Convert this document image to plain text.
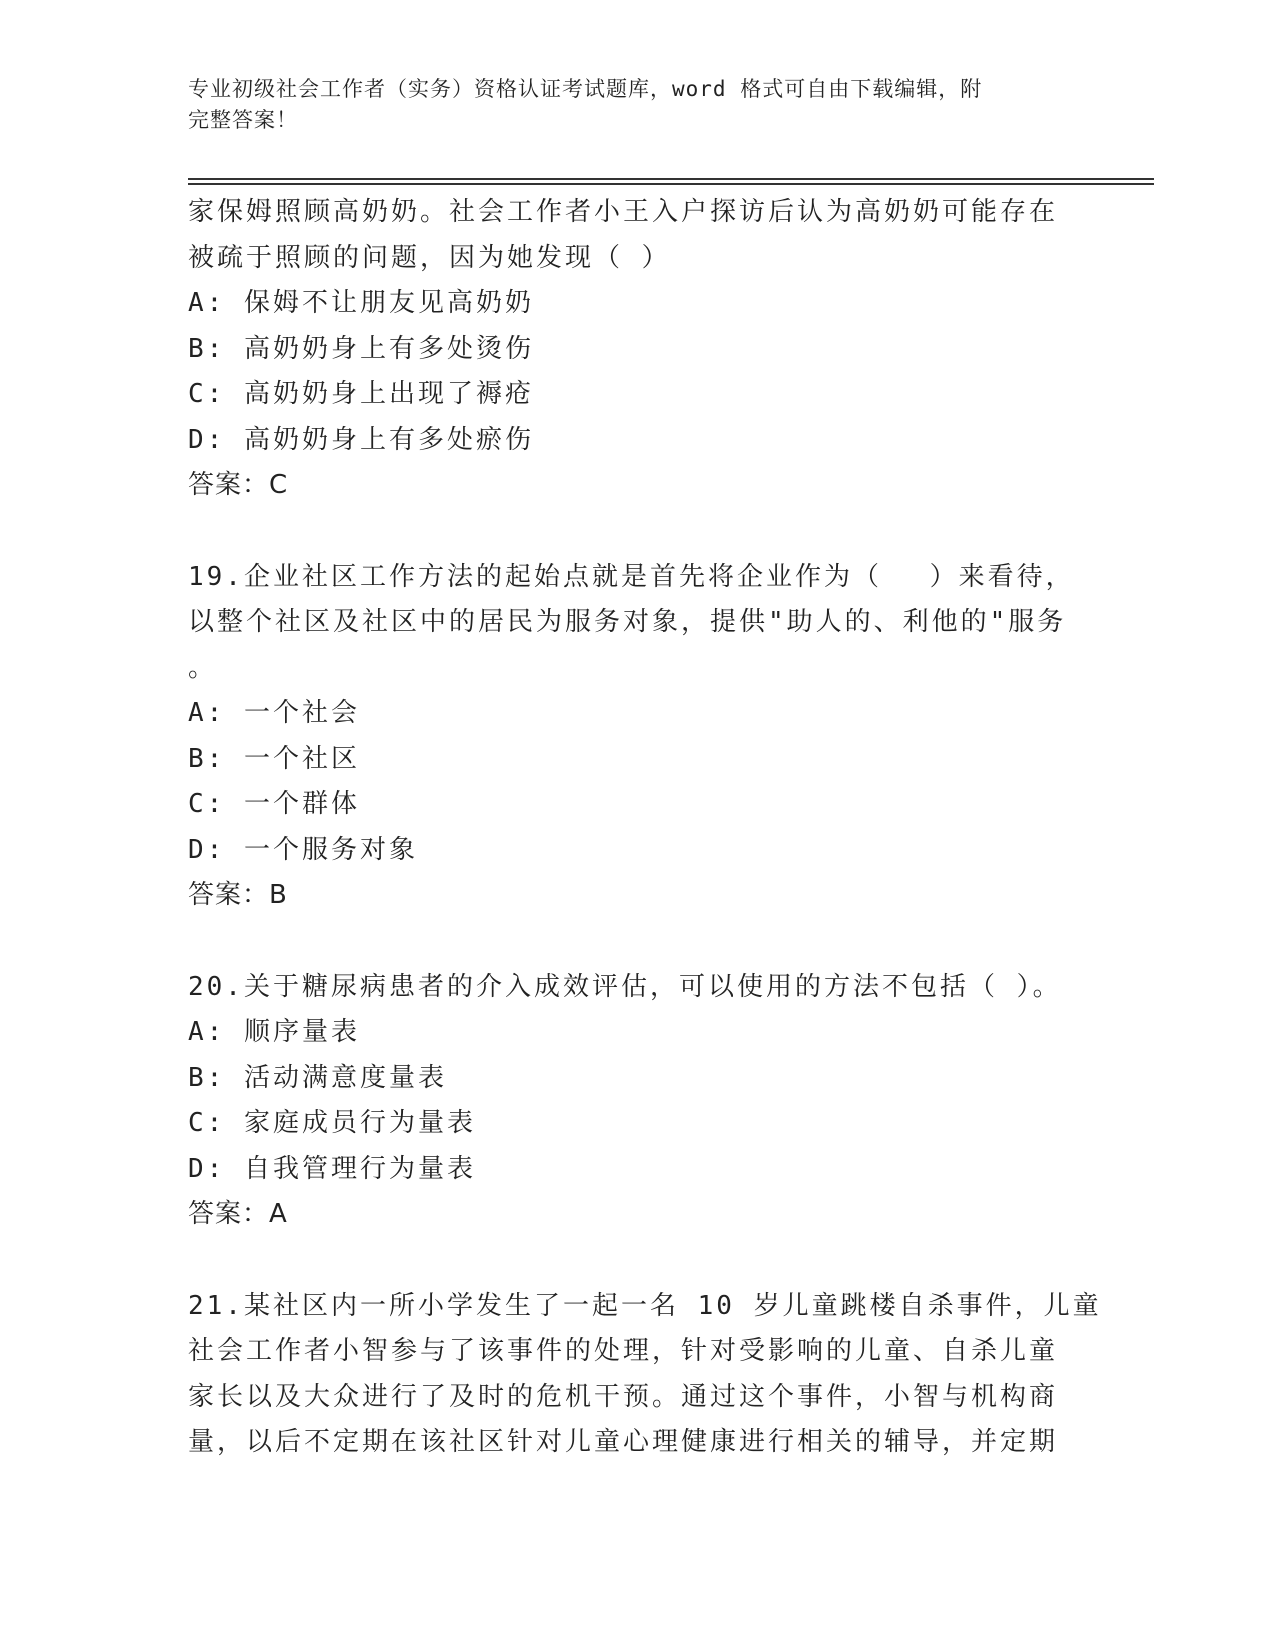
专业初级社会工作者（实务）资格认证考试题库，word 格式可自由下载编辑，附
完整答案！
家保姆照顾高奶奶。社会工作者小王入户探访后认为高奶奶可能存在
被疏于照顾的问题，因为她发现（ ）
A: 保姆不让朋友见高奶奶
B: 高奶奶身上有多处烫伤
C: 高奶奶身上出现了褥疮
D: 高奶奶身上有多处瘀伤
答案：C
19.企业社区工作方法的起始点就是首先将企业作为（　 ）来看待，
以整个社区及社区中的居民为服务对象，提供"助人的、利他的"服务
。
A: 一个社会
B: 一个社区
C: 一个群体
D: 一个服务对象
答案：B
20.关于糖尿病患者的介入成效评估，可以使用的方法不包括（ ）。
A: 顺序量表
B: 活动满意度量表
C: 家庭成员行为量表
D: 自我管理行为量表
答案：A
21.某社区内一所小学发生了一起一名 10 岁儿童跳楼自杀事件，儿童
社会工作者小智参与了该事件的处理，针对受影响的儿童、自杀儿童
家长以及大众进行了及时的危机干预。通过这个事件，小智与机构商
量，以后不定期在该社区针对儿童心理健康进行相关的辅导，并定期
